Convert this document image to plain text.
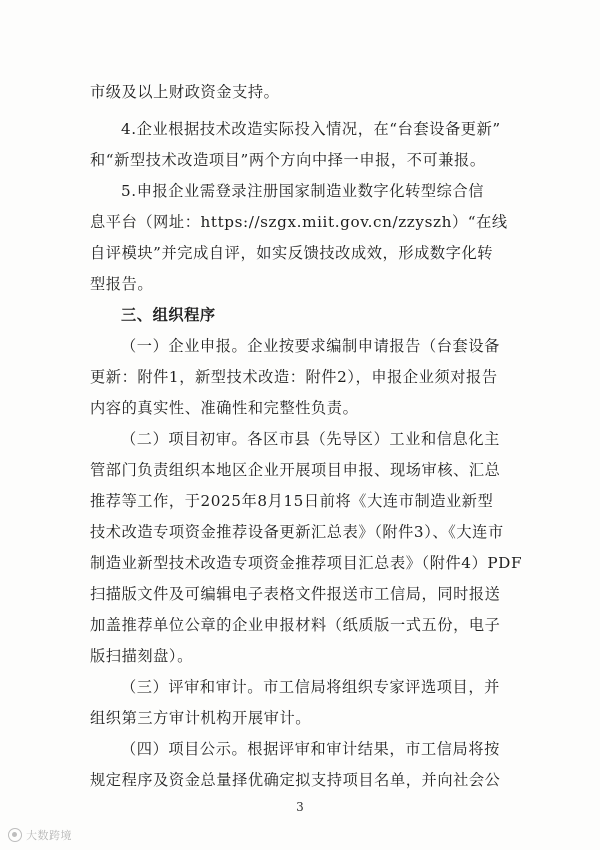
市级及以上财政资金支持。
4.企业根据技术改造实际投入情况，在“台套设备更新”
和“新型技术改造项目”两个方向中择一申报，不可兼报。
5.申报企业需登录注册国家制造业数字化转型综合信
息平台（网址：https://szgx.miit.gov.cn/zzyszh）“在线
自评模块”并完成自评，如实反馈技改成效，形成数字化转
型报告。
三、组织程序
（一）企业申报。企业按要求编制申请报告（台套设备
更新：附件1，新型技术改造：附件2），申报企业须对报告
内容的真实性、准确性和完整性负责。
（二）项目初审。各区市县（先导区）工业和信息化主
管部门负责组织本地区企业开展项目申报、现场审核、汇总
推荐等工作，于2025年8月15日前将《大连市制造业新型
技术改造专项资金推荐设备更新汇总表》（附件3）、《大连市
制造业新型技术改造专项资金推荐项目汇总表》（附件4）PDF
扫描版文件及可编辑电子表格文件报送市工信局，同时报送
加盖推荐单位公章的企业申报材料（纸质版一式五份，电子
版扫描刻盘）。
（三）评审和审计。市工信局将组织专家评选项目，并
组织第三方审计机构开展审计。
（四）项目公示。根据评审和审计结果，市工信局将按
规定程序及资金总量择优确定拟支持项目名单，并向社会公
3
大数跨境
